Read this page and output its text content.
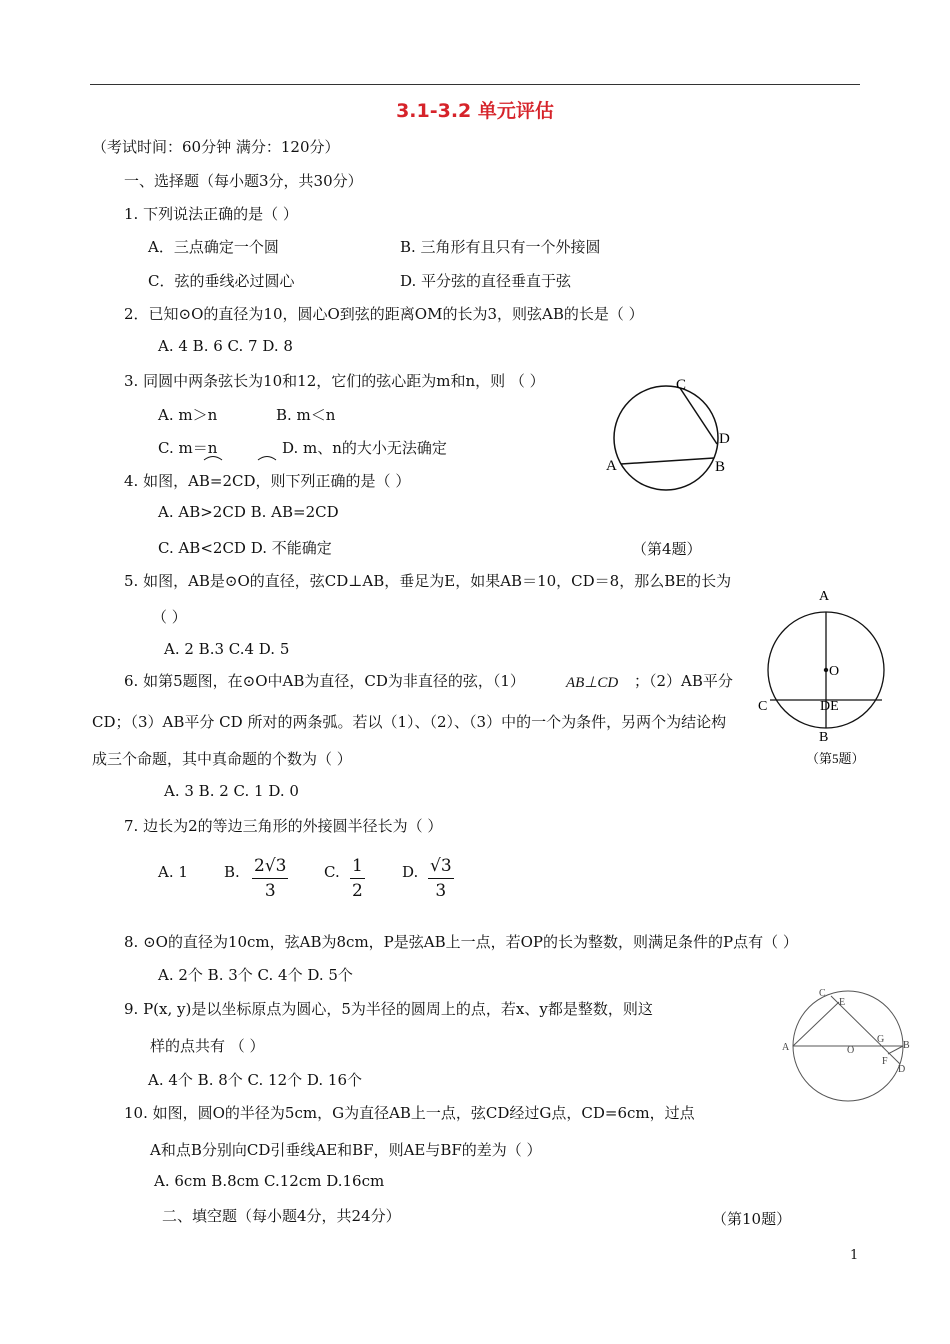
3.1-3.2 单元评估
（考试时间：60分钟 满分：120分）
一、选择题（每小题3分，共30分）
1. 下列说法正确的是（ ）
A．三点确定一个圆	B. 三角形有且只有一个外接圆
C．弦的垂线必过圆心	D. 平分弦的直径垂直于弦
2．已知⊙O的直径为10，圆心O到弦的距离OM的长为3，则弦AB的长是（ ）
A. 4 B. 6 C. 7 D. 8
3. 同圆中两条弦长为10和12，它们的弦心距为m和n，则 （ ）
A. m＞n	B. m＜n
C. m＝n	D. m、n的大小无法确定
C
D
A	B
4. 如图，AB=2CD，则下列正确的是（ ）
A. AB>2CD B. AB=2CD
C. AB<2CD D. 不能确定	（第4题）
5. 如图，AB是⊙O的直径，弦CD⊥AB，垂足为E，如果AB＝10，CD＝8，那么BE的长为
（ ）
A. 2 B.3 C.4 D. 5
A
O
C	DE
B
（第5题）
6. 如第5题图，在⊙O中AB为直径，CD为非直径的弦，（1）	AB⊥CD ；（2）AB平分
CD；（3）AB平分 CD 所对的两条弧。若以（1）、（2）、（3）中的一个为条件，另两个为结论构
成三个命题，其中真命题的个数为（ ）
A. 3 B. 2 C. 1 D. 0
7. 边长为2的等边三角形的外接圆半径长为（ ）
A. 1 B. 2√3
3
C. 1
2
D. √3
3
8. ⊙O的直径为10cm，弦AB为8cm，P是弦AB上一点，若OP的长为整数，则满足条件的P点有（ ）
A. 2个 B. 3个 C. 4个 D. 5个
9. P(x, y)是以坐标原点为圆心，5为半径的圆周上的点，若x、y都是整数，则这
样的点共有 （ ）
A. 4个 B. 8个 C. 12个 D. 16个
C
E
A	O
G
B
F
D
10. 如图，圆O的半径为5cm，G为直径AB上一点，弦CD经过G点，CD=6cm，过点
A和点B分别向CD引垂线AE和BF，则AE与BF的差为（ ）
A. 6cm B.8cm C.12cm D.16cm
二、填空题（每小题4分，共24分）	（第10题）
1
